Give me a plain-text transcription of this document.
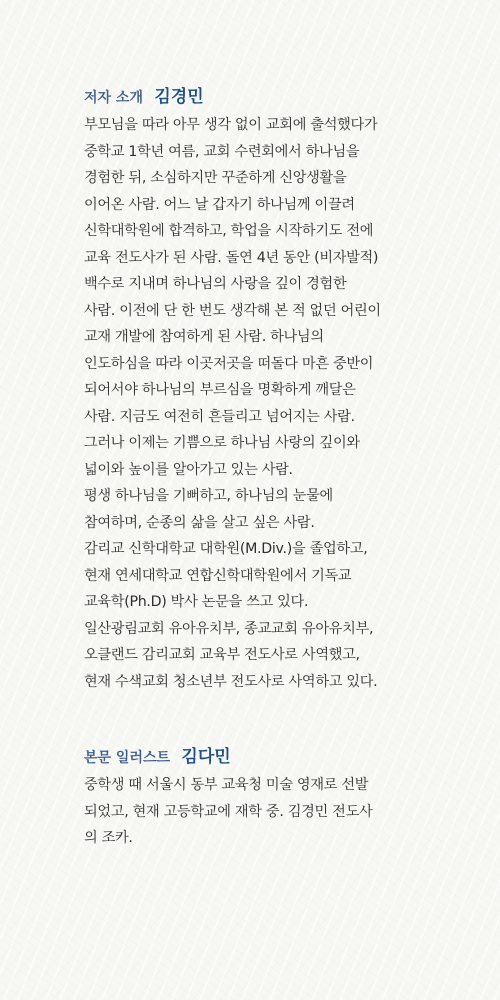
저자 소개 김경민
부모님을 따라 아무 생각 없이 교회에 출석했다가
중학교 1학년 여름, 교회 수련회에서 하나님을
경험한 뒤, 소심하지만 꾸준하게 신앙생활을
이어온 사람. 어느 날 갑자기 하나님께 이끌려
신학대학원에 합격하고, 학업을 시작하기도 전에
교육 전도사가 된 사람. 돌연 4년 동안 (비자발적)
백수로 지내며 하나님의 사랑을 깊이 경험한
사람. 이전에 단 한 번도 생각해 본 적 없던 어린이
교재 개발에 참여하게 된 사람. 하나님의
인도하심을 따라 이곳저곳을 떠돌다 마흔 중반이
되어서야 하나님의 부르심을 명확하게 깨달은
사람. 지금도 여전히 흔들리고 넘어지는 사람.
그러나 이제는 기쁨으로 하나님 사랑의 깊이와
넓이와 높이를 알아가고 있는 사람.
평생 하나님을 기뻐하고, 하나님의 눈물에
참여하며, 순종의 삶을 살고 싶은 사람.
감리교 신학대학교 대학원(M.Div.)을 졸업하고,
현재 연세대학교 연합신학대학원에서 기독교
교육학(Ph.D) 박사 논문을 쓰고 있다.
일산광림교회 유아유치부, 종교교회 유아유치부,
오클랜드 감리교회 교육부 전도사로 사역했고,
현재 수색교회 청소년부 전도사로 사역하고 있다.
본문 일러스트 김다민
중학생 때 서울시 동부 교육청 미술 영재로 선발
되었고, 현재 고등학교에 재학 중. 김경민 전도사
의 조카.
